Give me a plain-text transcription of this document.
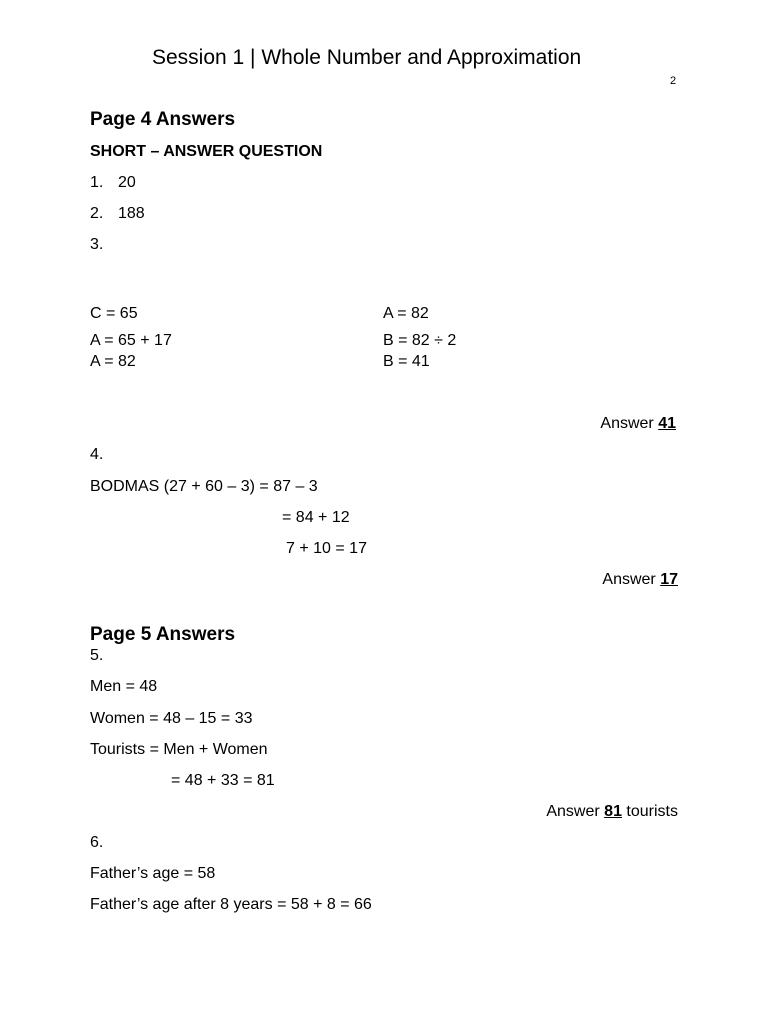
Session 1 | Whole Number and Approximation
2
Page 4 Answers
SHORT – ANSWER QUESTION
1. 20
2. 188
3.
C = 65
A = 65 + 17
A = 82
A = 82
B = 82 ÷ 2
B = 41
Answer 41
4.
BODMAS (27 + 60 – 3) = 87 – 3
= 84 + 12
7 + 10 = 17
Answer 17
Page 5 Answers
5.
Men = 48
Women = 48 – 15 = 33
Tourists = Men + Women
= 48 + 33 = 81
Answer 81 tourists
6.
Father’s age = 58
Father’s age after 8 years = 58 + 8 = 66
